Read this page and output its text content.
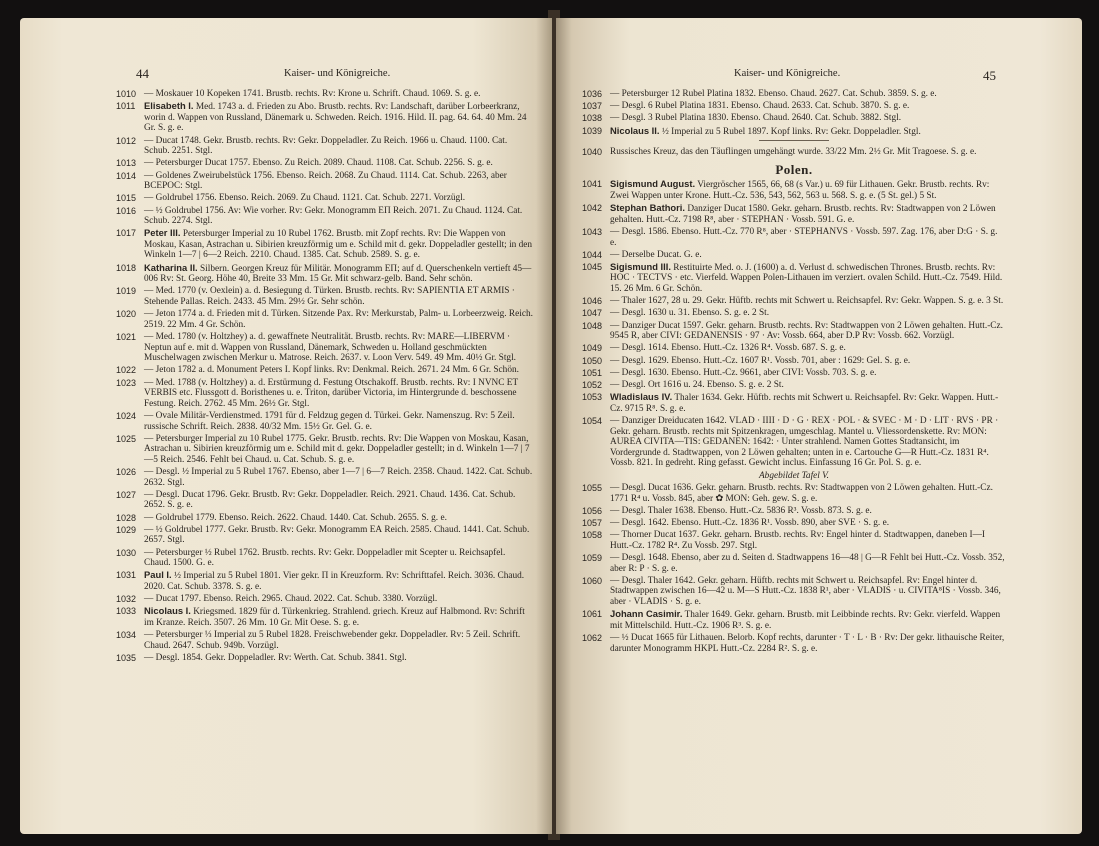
44	Kaiser- und Königreiche.
1010 — Moskauer 10 Kopeken 1741. Brustb. rechts. Rv: Krone u. Schrift. Chaud. 1069. S. g. e.
1011 Elisabeth I. Med. 1743 a. d. Frieden zu Abo. Brustb. rechts. Rv: Landschaft, darüber Lorbeerkranz, worin d. Wappen von Russland, Dänemark u. Schweden. Reich. 1916. Hild. II. pag. 64. 64. 40 Mm. 24 Gr. S. g. e.
1012 — Ducat 1748. Gekr. Brustb. rechts. Rv: Gekr. Doppeladler. Zu Reich. 1966 u. Chaud. 1100. Cat. Schub. 2251. Stgl.
1013 — Petersburger Ducat 1757. Ebenso. Zu Reich. 2089. Chaud. 1108. Cat. Schub. 2256. S. g. e.
1014 — Goldenes Zweirubelstück 1756. Ebenso. Reich. 2068. Zu Chaud. 1114. Cat. Schub. 2263, aber BCEPOC: Stgl.
1015 — Goldrubel 1756. Ebenso. Reich. 2069. Zu Chaud. 1121. Cat. Schub. 2271. Vorzügl.
1016 — ½ Goldrubel 1756. Av: Wie vorher. Rv: Gekr. Monogramm ЕП Reich. 2071. Zu Chaud. 1124. Cat. Schub. 2274. Stgl.
1017 Peter III. Petersburger Imperial zu 10 Rubel 1762. Brustb. mit Zopf rechts. Rv: Die Wappen von Moskau, Kasan, Astrachan u. Sibirien kreuzförmig um e. Schild mit d. gekr. Doppeladler gestellt; in den Winkeln 1—7 | 6—2 Reich. 2210. Chaud. 1385. Cat. Schub. 2589. S. g. e.
1018 Katharina II. Silbern. Georgen Kreuz für Militär. Monogramm ЕП; auf d. Querschenkeln vertieft 45—006 Rv: St. Georg. Höhe 40, Breite 33 Mm. 15 Gr. Mit schwarz-gelb. Band. Sehr schön.
1019 — Med. 1770 (v. Oexlein) a. d. Besiegung d. Türken. Brustb. rechts. Rv: SAPIENTIA ET ARMIS · Stehende Pallas. Reich. 2433. 45 Mm. 29½ Gr. Sehr schön.
1020 — Jeton 1774 a. d. Frieden mit d. Türken. Sitzende Pax. Rv: Merkurstab, Palm- u. Lorbeerzweig. Reich. 2519. 22 Mm. 4 Gr. Schön.
1021 — Med. 1780 (v. Holtzhey) a. d. gewaffnete Neutralität. Brustb. rechts. Rv: MARE—LIBERVM · Neptun auf e. mit d. Wappen von Russland, Dänemark, Schweden u. Holland geschmückten Muschelwagen zwischen Merkur u. Matrose. Reich. 2637. v. Loon Verv. 549. 49 Mm. 40½ Gr. Stgl.
1022 — Jeton 1782 a. d. Monument Peters I. Kopf links. Rv: Denkmal. Reich. 2671. 24 Mm. 6 Gr. Schön.
1023 — Med. 1788 (v. Holtzhey) a. d. Erstürmung d. Festung Otschakoff. Brustb. rechts. Rv: I NVNC ET VERBIS etc. Flussgott d. Boristhenes u. e. Triton, darüber Victoria, im Hintergrunde d. beschossene Festung. Reich. 2762. 45 Mm. 26½ Gr. Stgl.
1024 — Ovale Militär-Verdienstmed. 1791 für d. Feldzug gegen d. Türkei. Gekr. Namenszug. Rv: 5 Zeil. russische Schrift. Reich. 2838. 40/32 Mm. 15½ Gr. Gel. G. e.
1025 — Petersburger Imperial zu 10 Rubel 1775. Gekr. Brustb. rechts. Rv: Die Wappen von Moskau, Kasan, Astrachan u. Sibirien kreuzförmig um e. Schild mit d. gekr. Doppeladler gestellt; in d. Winkeln 1—7 | 7—5 Reich. 2546. Fehlt bei Chaud. u. Cat. Schub. S. g. e.
1026 — Desgl. ½ Imperial zu 5 Rubel 1767. Ebenso, aber 1—7 | 6—7 Reich. 2358. Chaud. 1422. Cat. Schub. 2632. Stgl.
1027 — Desgl. Ducat 1796. Gekr. Brustb. Rv: Gekr. Doppeladler. Reich. 2921. Chaud. 1436. Cat. Schub. 2652. S. g. e.
1028 — Goldrubel 1779. Ebenso. Reich. 2622. Chaud. 1440. Cat. Schub. 2655. S. g. e.
1029 — ½ Goldrubel 1777. Gekr. Brustb. Rv: Gekr. Monogramm ЕА Reich. 2585. Chaud. 1441. Cat. Schub. 2657. Stgl.
1030 — Petersburger ½ Rubel 1762. Brustb. rechts. Rv: Gekr. Doppeladler mit Scepter u. Reichsapfel. Chaud. 1500. G. e.
1031 Paul I. ½ Imperial zu 5 Rubel 1801. Vier gekr. П in Kreuzform. Rv: Schrifttafel. Reich. 3036. Chaud. 2020. Cat. Schub. 3378. S. g. e.
1032 — Ducat 1797. Ebenso. Reich. 2965. Chaud. 2022. Cat. Schub. 3380. Vorzügl.
1033 Nicolaus I. Kriegsmed. 1829 für d. Türkenkrieg. Strahlend. griech. Kreuz auf Halbmond. Rv: Schrift im Kranze. Reich. 3507. 26 Mm. 10 Gr. Mit Oese. S. g. e.
1034 — Petersburger ⅓ Imperial zu 5 Rubel 1828. Freischwebender gekr. Doppeladler. Rv: 5 Zeil. Schrift. Chaud. 2647. Schub. 949b. Vorzügl.
1035 — Desgl. 1854. Gekr. Doppeladler. Rv: Werth. Cat. Schub. 3841. Stgl.
Kaiser- und Königreiche.	45
1036 — Petersburger 12 Rubel Platina 1832. Ebenso. Chaud. 2627. Cat. Schub. 3859. S. g. e.
1037 — Desgl. 6 Rubel Platina 1831. Ebenso. Chaud. 2633. Cat. Schub. 3870. S. g. e.
1038 — Desgl. 3 Rubel Platina 1830. Ebenso. Chaud. 2640. Cat. Schub. 3882. Stgl.
1039 Nicolaus II. ½ Imperial zu 5 Rubel 1897. Kopf links. Rv: Gekr. Doppeladler. Stgl.
1040 Russisches Kreuz, das den Täuflingen umgehängt wurde. 33/22 Mm. 2½ Gr. Mit Tragoese. S. g. e.
Polen.
1041 Sigismund August. Viergröscher 1565, 66, 68 (s Var.) u. 69 für Lithauen. Gekr. Brustb. rechts. Rv: Zwei Wappen unter Krone. Hutt.-Cz. 536, 543, 562, 563 u. 568. S. g. e. (5 St. gel.) 5 St.
1042 Stephan Bathori. Danziger Ducat 1580. Gekr. geharn. Brustb. rechts. Rv: Stadtwappen von 2 Löwen gehalten. Hutt.-Cz. 7198 R⁸, aber · STEPHAN · Vossb. 591. G. e.
1043 — Desgl. 1586. Ebenso. Hutt.-Cz. 770 R⁸, aber · STEPHANVS · Vossb. 597. Zag. 176, aber D:G · S. g. e.
1044 — Derselbe Ducat. G. e.
1045 Sigismund III. Restituirte Med. o. J. (1600) a. d. Verlust d. schwedischen Thrones. Brustb. rechts. Rv: HOC · TECTVS · etc. Vierfeld. Wappen Polen-Lithauen im verziert. ovalen Schild. Hutt.-Cz. 7549. Hild. 15. 26 Mm. 6 Gr. Schön.
1046 — Thaler 1627, 28 u. 29. Gekr. Hüftb. rechts mit Schwert u. Reichsapfel. Rv: Gekr. Wappen. S. g. e. 3 St.
1047 — Desgl. 1630 u. 31. Ebenso. S. g. e. 2 St.
1048 — Danziger Ducat 1597. Gekr. geharn. Brustb. rechts. Rv: Stadtwappen von 2 Löwen gehalten. Hutt.-Cz. 9545 R, aber CIVI: GEDANENSIS · 97 · Av: Vossb. 664, aber D.P Rv: Vossb. 662. Vorzügl.
1049 — Desgl. 1614. Ebenso. Hutt.-Cz. 1326 R⁴. Vossb. 687. S. g. e.
1050 — Desgl. 1629. Ebenso. Hutt.-Cz. 1607 R¹. Vossb. 701, aber : 1629: Gel. S. g. e.
1051 — Desgl. 1630. Ebenso. Hutt.-Cz. 9661, aber CIVI: Vossb. 703. S. g. e.
1052 — Desgl. Ort 1616 u. 24. Ebenso. S. g. e. 2 St.
1053 Wladislaus IV. Thaler 1634. Gekr. Hüftb. rechts mit Schwert u. Reichsapfel. Rv: Gekr. Wappen. Hutt.-Cz. 9715 R⁸. S. g. e.
1054 — Danziger Dreiducaten 1642. VLAD · IIII · D · G · REX · POL · & SVEC · M · D · LIT · RVS · PR · Gekr. geharn. Brustb. rechts mit Spitzenkragen, umgeschlag. Mantel u. Vliessordenskette. Rv: MON: AUREA CIVITA—TIS: GEDANEN: 1642: · Unter strahlend. Namen Gottes Stadtansicht, im Vordergrunde d. Stadtwappen, von 2 Löwen gehalten; unten in e. Cartouche G—R Hutt.-Cz. 1831 R⁴. Vossb. 821. In gedreht. Ring gefasst. Gewicht inclus. Einfassung 16 Gr. Pol. S. g. e.
Abgebildet Tafel V.
1055 — Desgl. Ducat 1636. Gekr. geharn. Brustb. rechts. Rv: Stadtwappen von 2 Löwen gehalten. Hutt.-Cz. 1771 R⁴ u. Vossb. 845, aber ✿ MON: Geh. gew. S. g. e.
1056 — Desgl. Thaler 1638. Ebenso. Hutt.-Cz. 5836 R³. Vossb. 873. S. g. e.
1057 — Desgl. 1642. Ebenso. Hutt.-Cz. 1836 R¹. Vossb. 890, aber SVE · S. g. e.
1058 — Thorner Ducat 1637. Gekr. geharn. Brustb. rechts. Rv: Engel hinter d. Stadtwappen, daneben I—I Hutt.-Cz. 1782 R⁴. Zu Vossb. 297. Stgl.
1059 — Desgl. 1648. Ebenso, aber zu d. Seiten d. Stadtwappens 16—48 | G—R Fehlt bei Hutt.-Cz. Vossb. 352, aber R: P · S. g. e.
1060 — Desgl. Thaler 1642. Gekr. geharn. Hüftb. rechts mit Schwert u. Reichsapfel. Rv: Engel hinter d. Stadtwappen zwischen 16—42 u. M—S Hutt.-Cz. 1838 R¹, aber · VLADIS · u. CIVITA⁸IS · Vossb. 346, aber · VLADIS · S. g. e.
1061 Johann Casimir. Thaler 1649. Gekr. geharn. Brustb. mit Leibbinde rechts. Rv: Gekr. vierfeld. Wappen mit Mittelschild. Hutt.-Cz. 1906 R³. S. g. e.
1062 — ½ Ducat 1665 für Lithauen. Belorb. Kopf rechts, darunter · T · L · B · Rv: Der gekr. lithauische Reiter, darunter Monogramm HKPL Hutt.-Cz. 2284 R². S. g. e.
